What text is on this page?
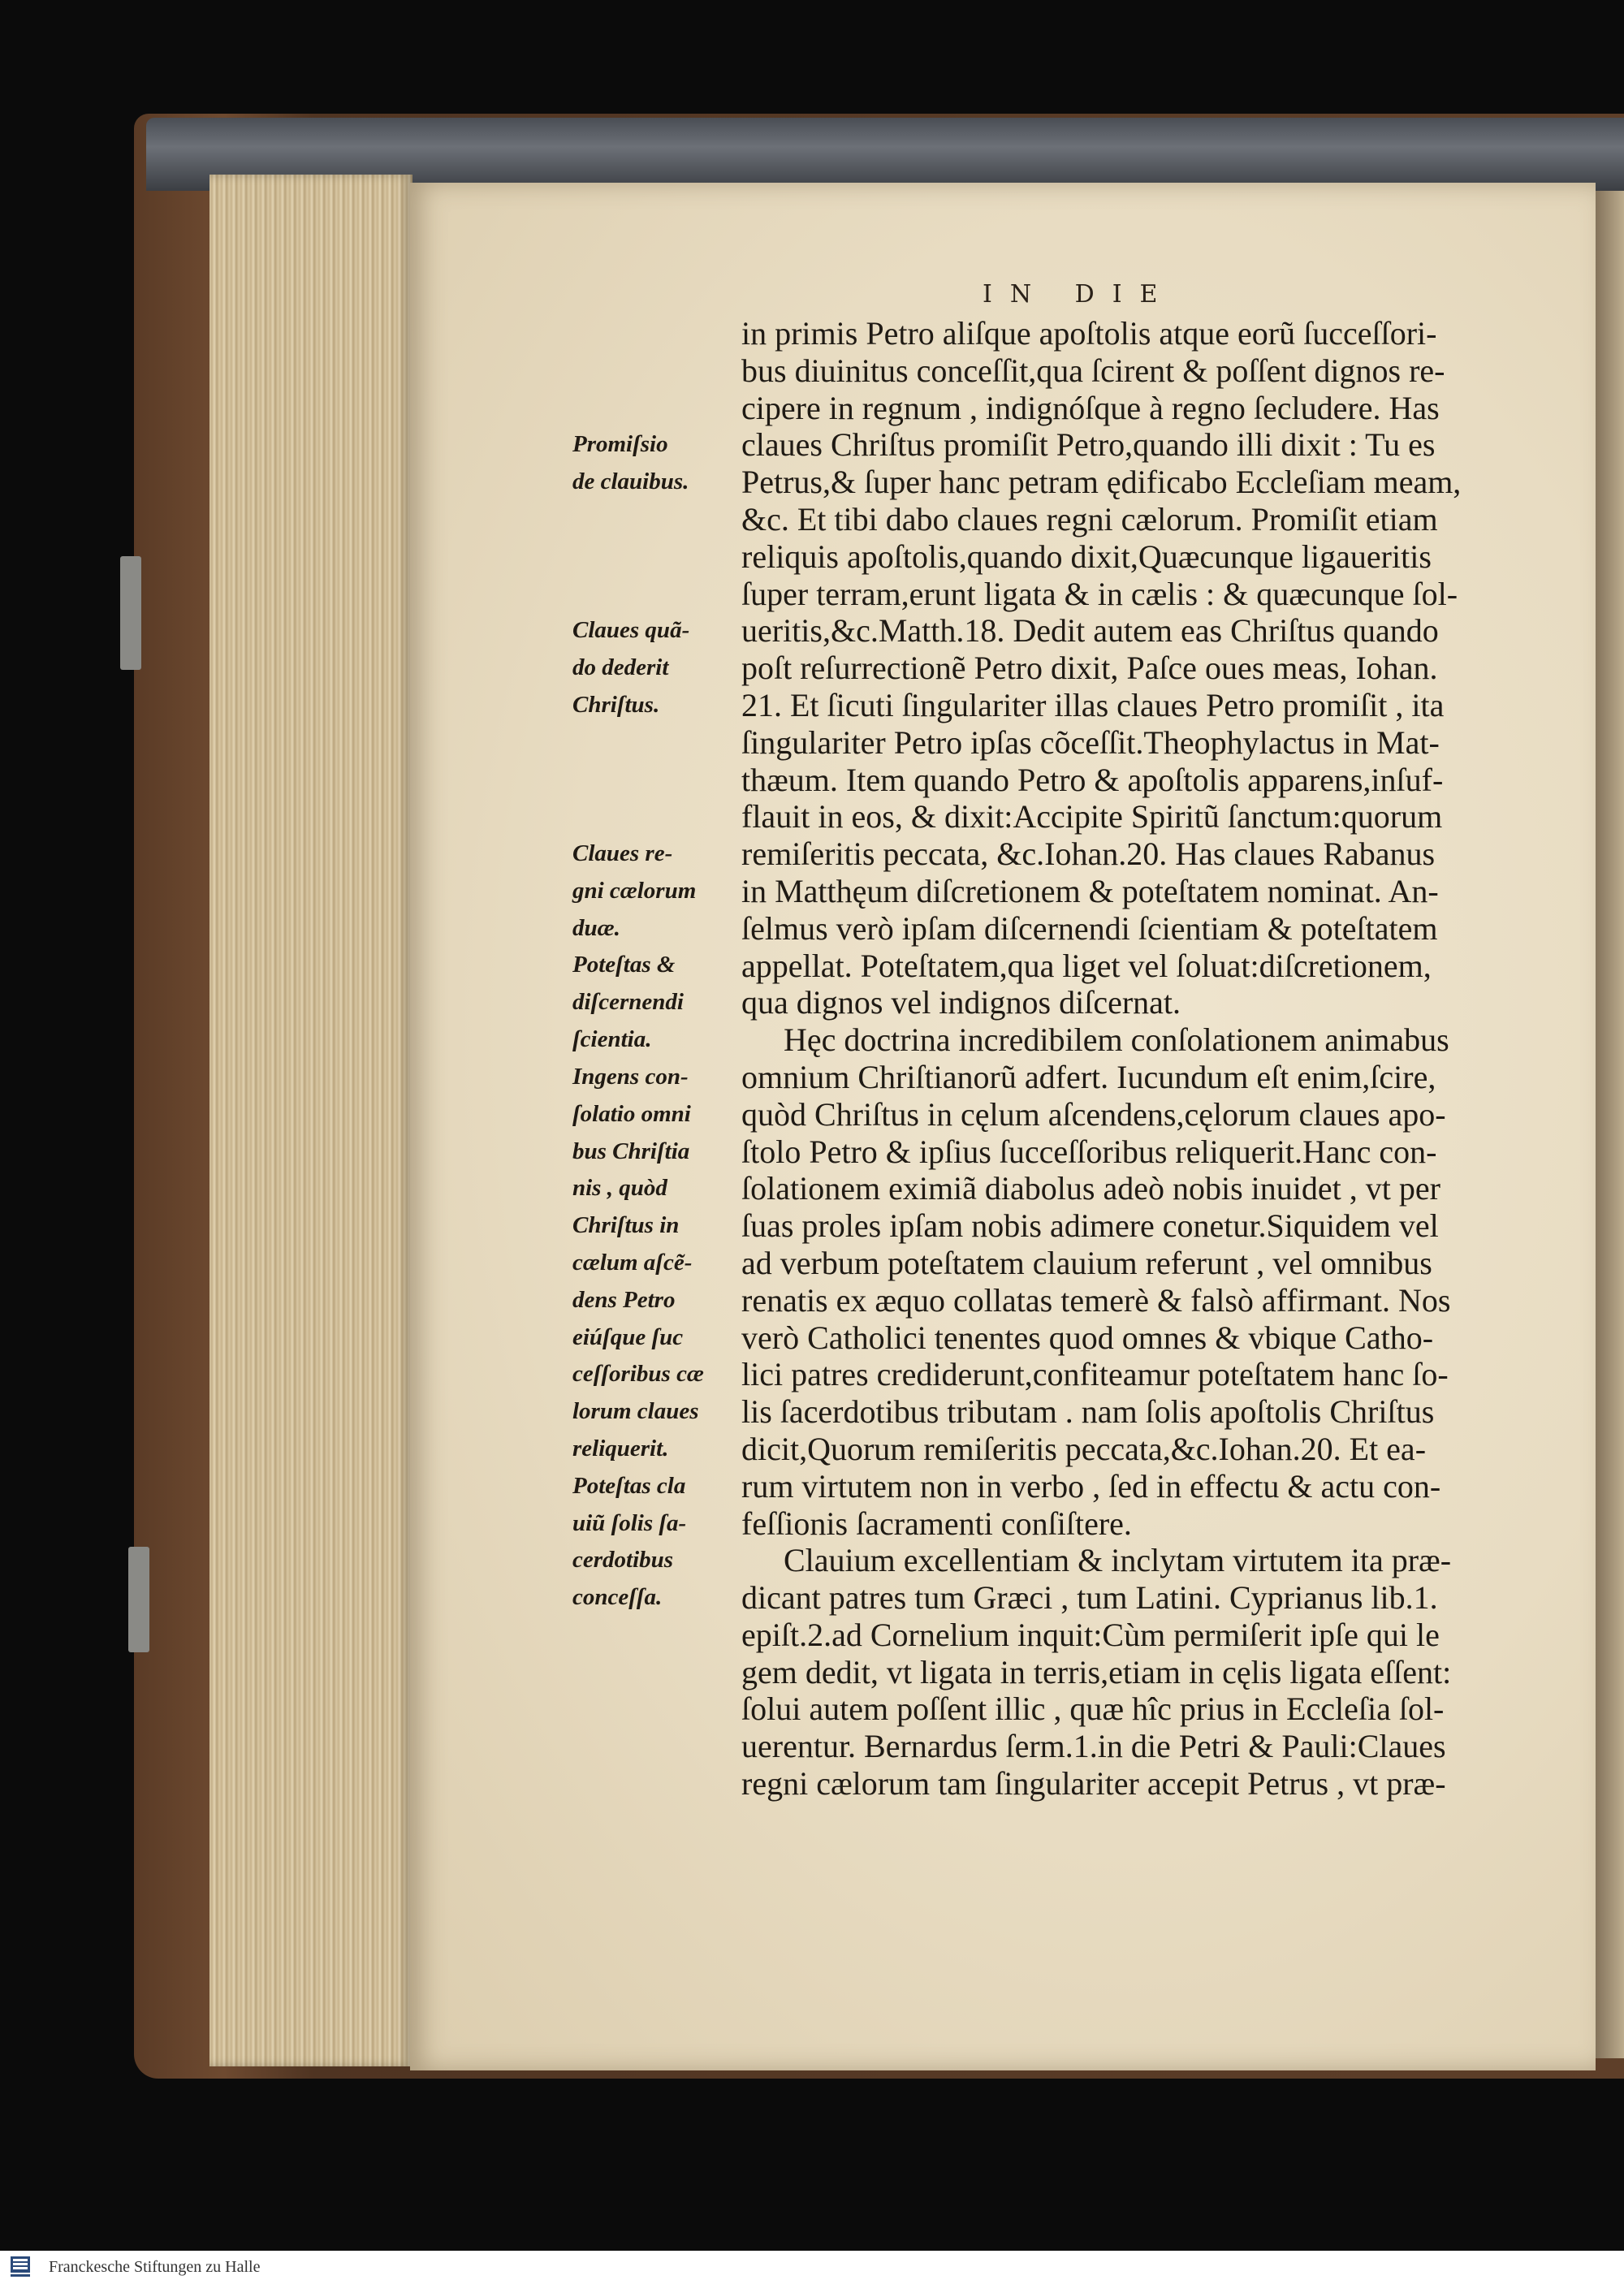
IN DIE
in primis Petro aliſque apoſtolis atque eorũ ſucceſſori-
bus diuinitus conceſſit,qua ſcirent & poſſent dignos re-
cipere in regnum , indignóſque à regno ſecludere. Has
claues Chriſtus promiſit Petro,quando illi dixit : Tu es
Petrus,& ſuper hanc petram ędificabo Eccleſiam meam,
&c. Et tibi dabo claues regni cælorum. Promiſit etiam
reliquis apoſtolis,quando dixit,Quæcunque ligaueritis
ſuper terram,erunt ligata & in cælis : & quæcunque ſol-
ueritis,&c.Matth.18. Dedit autem eas Chriſtus quando
poſt reſurrectionẽ Petro dixit, Paſce oues meas, Iohan.
21. Et ſicuti ſingulariter illas claues Petro promiſit , ita
ſingulariter Petro ipſas cõceſſit.Theophylactus in Mat-
thæum. Item quando Petro & apoſtolis apparens,inſuf-
flauit in eos, & dixit:Accipite Spiritũ ſanctum:quorum
remiſeritis peccata, &c.Iohan.20. Has claues Rabanus
in Matthęum diſcretionem & poteſtatem nominat. An-
ſelmus verò ipſam diſcernendi ſcientiam & poteſtatem
appellat. Poteſtatem,qua liget vel ſoluat:diſcretionem,
qua dignos vel indignos diſcernat.
Hęc doctrina incredibilem conſolationem animabus
omnium Chriſtianorũ adfert. Iucundum eſt enim,ſcire,
quòd Chriſtus in cęlum aſcendens,cęlorum claues apo-
ſtolo Petro & ipſius ſucceſſoribus reliquerit.Hanc con-
ſolationem eximiã diabolus adeò nobis inuidet , vt per
ſuas proles ipſam nobis adimere conetur.Siquidem vel
ad verbum poteſtatem clauium referunt , vel omnibus
renatis ex æquo collatas temerè & falsò affirmant. Nos
verò Catholici tenentes quod omnes & vbique Catho-
lici patres crediderunt,confiteamur poteſtatem hanc ſo-
lis ſacerdotibus tributam . nam ſolis apoſtolis Chriſtus
dicit,Quorum remiſeritis peccata,&c.Iohan.20. Et ea-
rum virtutem non in verbo , ſed in effectu & actu con-
feſſionis ſacramenti conſiſtere.
Clauium excellentiam & inclytam virtutem ita præ-
dicant patres tum Græci , tum Latini. Cyprianus lib.1.
epiſt.2.ad Cornelium inquit:Cùm permiſerit ipſe qui le
gem dedit, vt ligata in terris,etiam in cęlis ligata eſſent:
ſolui autem poſſent illic , quæ hîc prius in Eccleſia ſol-
uerentur. Bernardus ſerm.1.in die Petri & Pauli:Claues
regni cælorum tam ſingulariter accepit Petrus , vt præ-
Promiſsio
de clauibus.
Claues quã-
do dederit
Chriſtus.
Claues re-
gni cælorum
duæ.
Poteſtas &
diſcernendi
ſcientia.
Ingens con-
ſolatio omni
bus Chriſtia
nis , quòd
Chriſtus in
cælum aſcẽ-
dens Petro
eiúſque ſuc
ceſſoribus cæ
lorum claues
reliquerit.
Poteſtas cla
uiũ ſolis ſa-
cerdotibus
conceſſa.
Franckesche Stiftungen zu Halle
